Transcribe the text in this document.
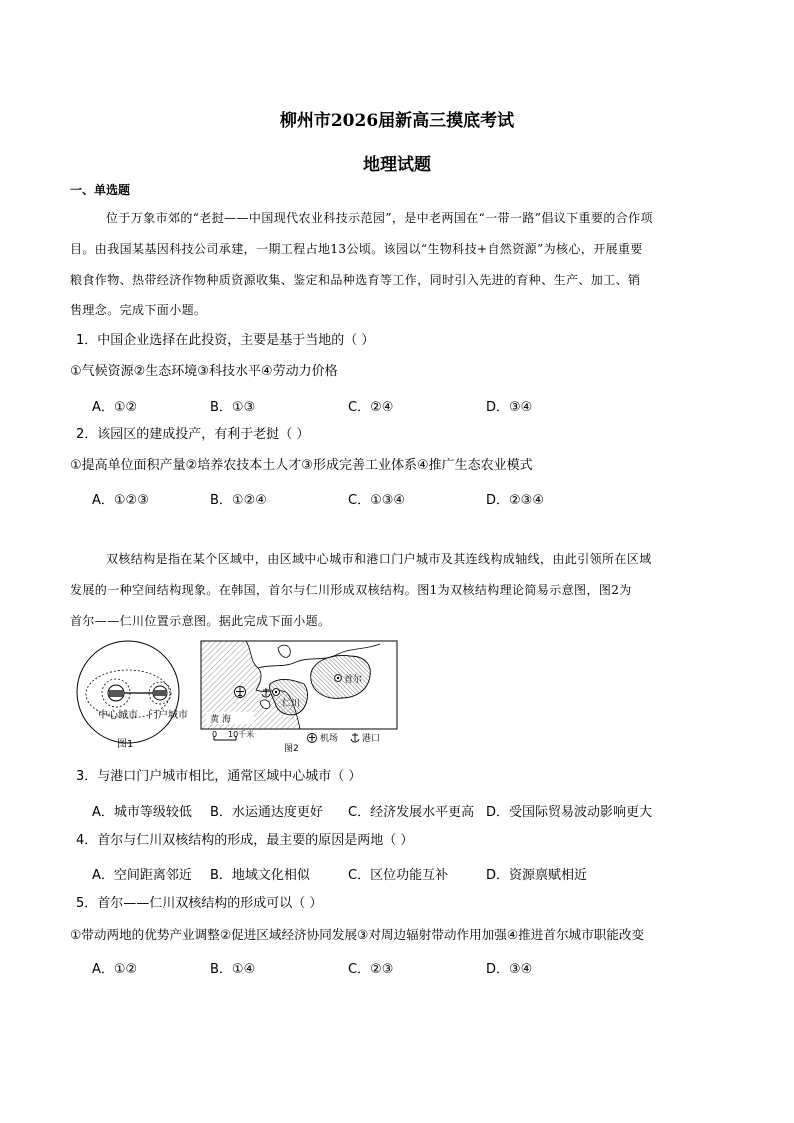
柳州市2026届新高三摸底考试
地理试题
一、单选题
位于万象市郊的“老挝——中国现代农业科技示范园”，是中老两国在“一带一路”倡议下重要的合作项
目。由我国某基因科技公司承建，一期工程占地13公顷。该园以“生物科技+自然资源”为核心，开展重要
粮食作物、热带经济作物种质资源收集、鉴定和品种选育等工作，同时引入先进的育种、生产、加工、销
售理念。完成下面小题。
1．中国企业选择在此投资，主要是基于当地的（ ）
①气候资源②生态环境③科技水平④劳动力价格
A．①②	B．①③	C．②④	D．③④
2．该园区的建成投产，有利于老挝（ ）
①提高单位面积产量②培养农技本土人才③形成完善工业体系④推广生态农业模式
A．①②③	B．①②④	C．①③④	D．②③④
双核结构是指在某个区域中，由区域中心城市和港口门户城市及其连线构成轴线，由此引领所在区域
发展的一种空间结构现象。在韩国，首尔与仁川形成双核结构。图1为双核结构理论简易示意图，图2为
首尔——仁川位置示意图。据此完成下面小题。
中心城市 门户城市
图1
首尔
仁川
黄 海
0 10千米	机场	港口
图2
3．与港口门户城市相比，通常区域中心城市（ ）
A．城市等级较低 B．水运通达度更好 C．经济发展水平更高 D．受国际贸易波动影响更大
4．首尔与仁川双核结构的形成，最主要的原因是两地（ ）
A．空间距离邻近 B．地域文化相似	C．区位功能互补	D．资源禀赋相近
5．首尔——仁川双核结构的形成可以（ ）
①带动两地的优势产业调整②促进区域经济协同发展③对周边辐射带动作用加强④推进首尔城市职能改变
A．①②	B．①④	C．②③	D．③④
